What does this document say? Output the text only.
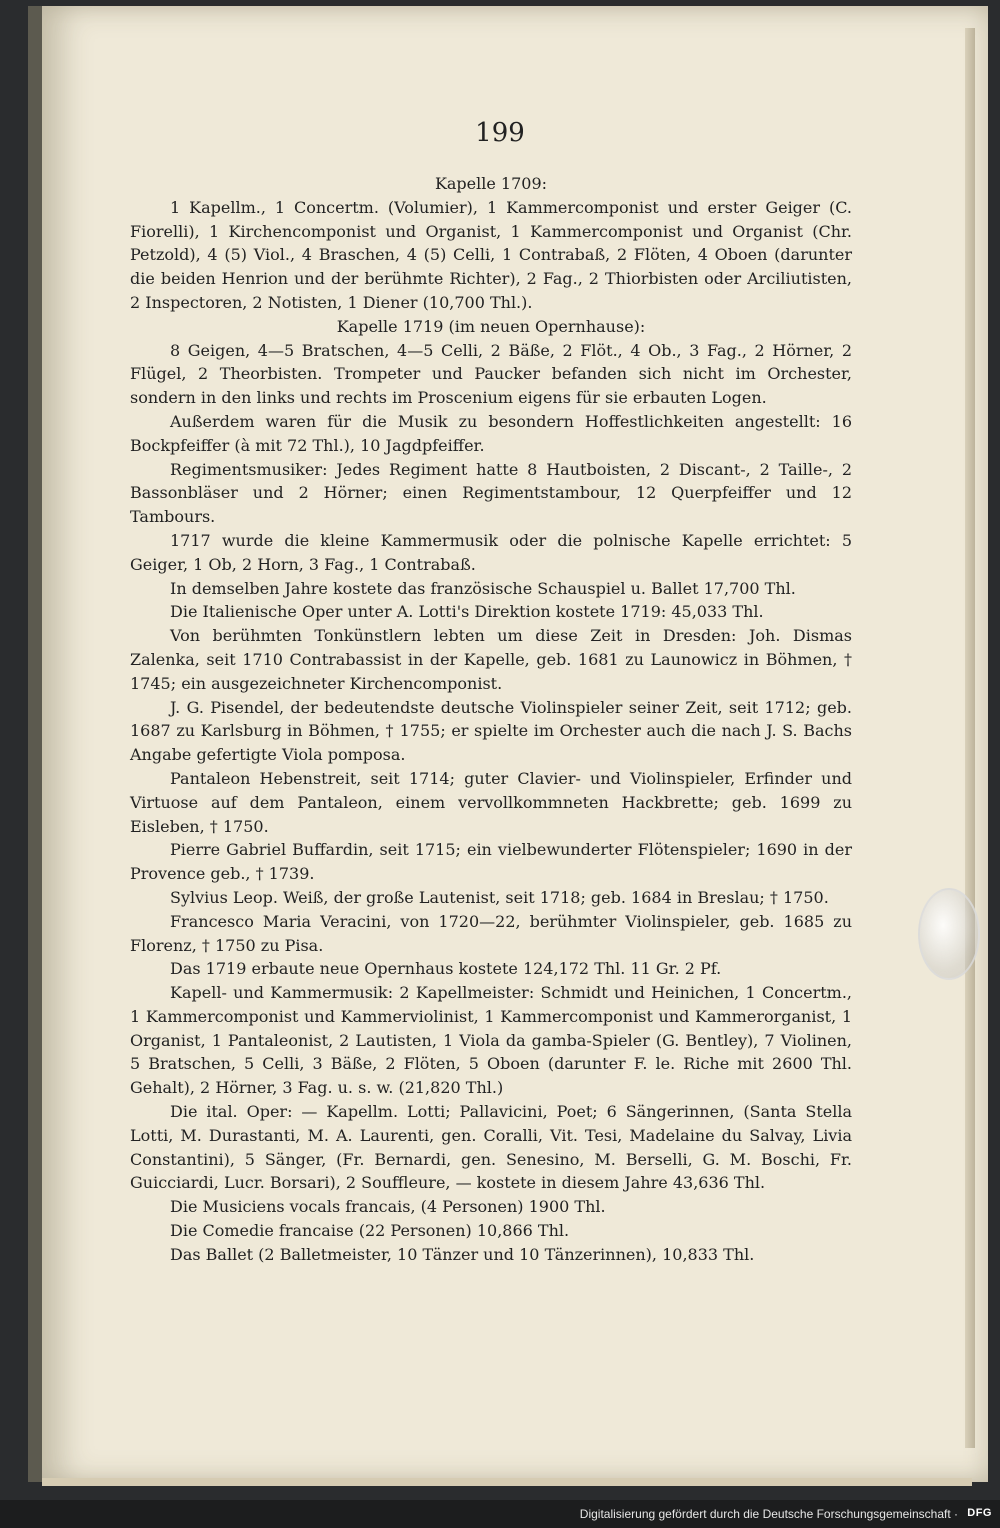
199

Kapelle 1709:

1 Kapellm., 1 Concertm. (Volumier), 1 Kammercomponist und erster Geiger (C. Fiorelli), 1 Kirchencomponist und Organist, 1 Kammercomponist und Organist (Chr. Petzold), 4 (5) Viol., 4 Braschen, 4 (5) Celli, 1 Contrabaß, 2 Flöten, 4 Oboen (darunter die beiden Henrion und der berühmte Richter), 2 Fag., 2 Thiorbisten oder Arciliutisten, 2 Inspectoren, 2 Notisten, 1 Diener (10,700 Thl.).

Kapelle 1719 (im neuen Opernhause):

8 Geigen, 4—5 Bratschen, 4—5 Celli, 2 Bäße, 2 Flöt., 4 Ob., 3 Fag., 2 Hörner, 2 Flügel, 2 Theorbisten. Trompeter und Paucker befanden sich nicht im Orchester, sondern in den links und rechts im Proscenium eigens für sie erbauten Logen.

Außerdem waren für die Musik zu besondern Hoffestlichkeiten angestellt: 16 Bockpfeiffer (à mit 72 Thl.), 10 Jagdpfeiffer.

Regimentsmusiker: Jedes Regiment hatte 8 Hautboisten, 2 Discant-, 2 Taille-, 2 Bassonbläser und 2 Hörner; einen Regimentstambour, 12 Querpfeiffer und 12 Tambours.

1717 wurde die kleine Kammermusik oder die polnische Kapelle errichtet: 5 Geiger, 1 Ob, 2 Horn, 3 Fag., 1 Contrabaß.

In demselben Jahre kostete das französische Schauspiel u. Ballet 17,700 Thl.

Die Italienische Oper unter A. Lotti's Direktion kostete 1719: 45,033 Thl.

Von berühmten Tonkünstlern lebten um diese Zeit in Dresden: Joh. Dismas Zalenka, seit 1710 Contrabassist in der Kapelle, geb. 1681 zu Launowicz in Böhmen, † 1745; ein ausgezeichneter Kirchencomponist.

J. G. Pisendel, der bedeutendste deutsche Violinspieler seiner Zeit, seit 1712; geb. 1687 zu Karlsburg in Böhmen, † 1755; er spielte im Orchester auch die nach J. S. Bachs Angabe gefertigte Viola pomposa.

Pantaleon Hebenstreit, seit 1714; guter Clavier- und Violinspieler, Erfinder und Virtuose auf dem Pantaleon, einem vervollkommneten Hackbrette; geb. 1699 zu Eisleben, † 1750.

Pierre Gabriel Buffardin, seit 1715; ein vielbewunderter Flötenspieler; 1690 in der Provence geb., † 1739.

Sylvius Leop. Weiß, der große Lautenist, seit 1718; geb. 1684 in Breslau; † 1750.

Francesco Maria Veracini, von 1720—22, berühmter Violinspieler, geb. 1685 zu Florenz, † 1750 zu Pisa.

Das 1719 erbaute neue Opernhaus kostete 124,172 Thl. 11 Gr. 2 Pf.

Kapell- und Kammermusik: 2 Kapellmeister: Schmidt und Heinichen, 1 Concertm., 1 Kammercomponist und Kammerviolinist, 1 Kammercomponist und Kammerorganist, 1 Organist, 1 Pantaleonist, 2 Lautisten, 1 Viola da gamba-Spieler (G. Bentley), 7 Violinen, 5 Bratschen, 5 Celli, 3 Bäße, 2 Flöten, 5 Oboen (darunter F. le. Riche mit 2600 Thl. Gehalt), 2 Hörner, 3 Fag. u. s. w. (21,820 Thl.)

Die ital. Oper: — Kapellm. Lotti; Pallavicini, Poet; 6 Sängerinnen, (Santa Stella Lotti, M. Durastanti, M. A. Laurenti, gen. Coralli, Vit. Tesi, Madelaine du Salvay, Livia Constantini), 5 Sänger, (Fr. Bernardi, gen. Senesino, M. Berselli, G. M. Boschi, Fr. Guicciardi, Lucr. Borsari), 2 Souffleure, — kostete in diesem Jahre 43,636 Thl.

Die Musiciens vocals francais, (4 Personen) 1900 Thl.

Die Comedie francaise (22 Personen) 10,866 Thl.

Das Ballet (2 Balletmeister, 10 Tänzer und 10 Tänzerinnen), 10,833 Thl.

Digitalisierung gefördert durch die Deutsche Forschungsgemeinschaft · DFG
